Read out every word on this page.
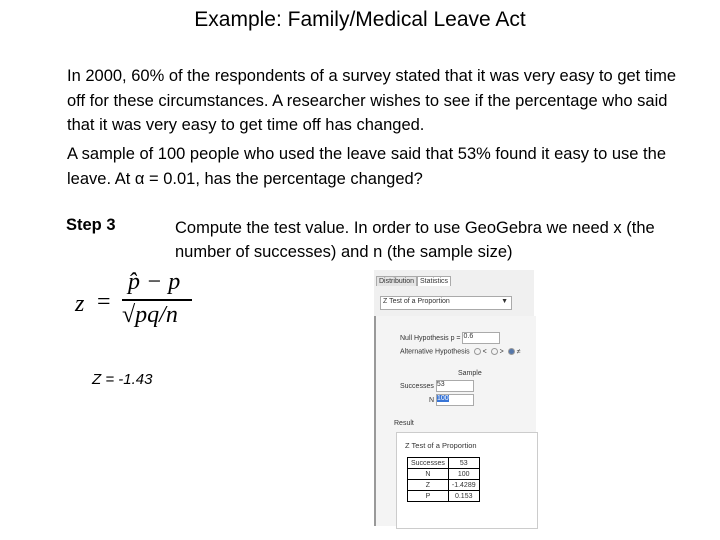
Example: Family/Medical Leave Act
In 2000, 60% of the respondents of a survey stated that it was very easy to get time off for these circumstances. A researcher wishes to see if the percentage who said that it was very easy to get time off has changed.
A sample of 100 people who used the leave said that 53% found it easy to use the leave. At α = 0.01, has the percentage changed?
Step 3	Compute the test value. In order to use GeoGebra we need x (the number of successes) and n (the sample size)
z =
p̂ − p
√pq/n
Z = -1.43
Distribution Statistics
Z Test of a Proportion	▼
Null Hypothesis p = 0.6
Alternative Hypothesis < > ≠
Sample
Successes 53
N 100
Result
Z Test of a Proportion
Successes	53
N	100
Z	-1.4289
P	0.153
